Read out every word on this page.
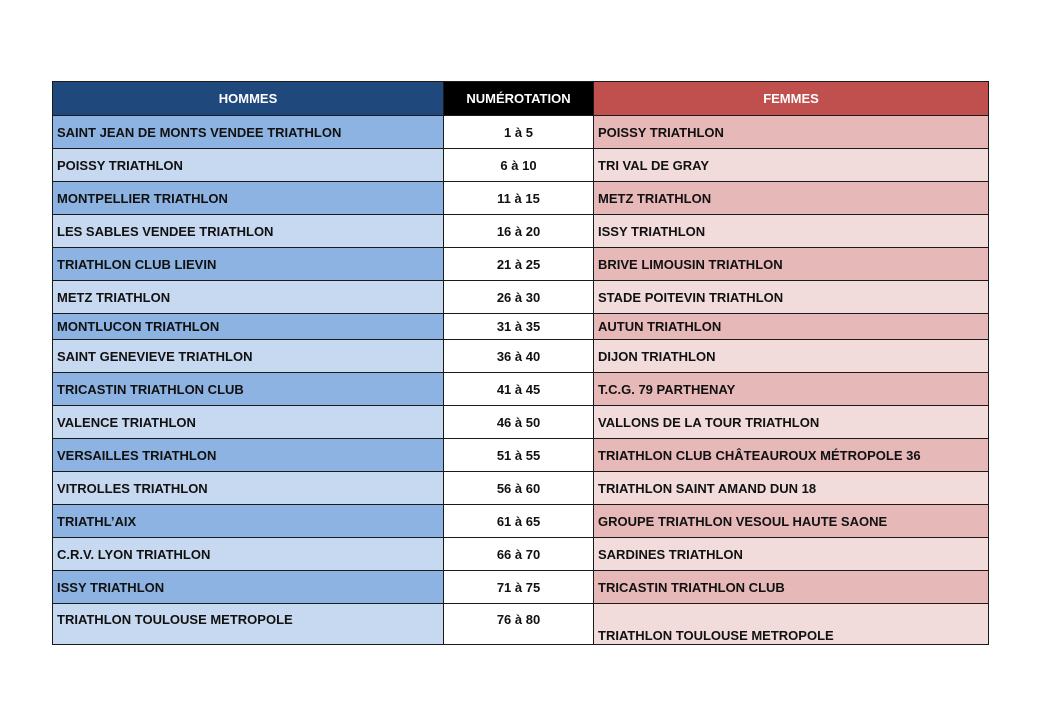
HOMMES	NUMÉROTATION	FEMMES
SAINT JEAN DE MONTS VENDEE TRIATHLON	1 à 5	POISSY TRIATHLON
POISSY TRIATHLON	6 à 10	TRI VAL DE GRAY
MONTPELLIER TRIATHLON	11 à 15	METZ TRIATHLON
LES SABLES VENDEE TRIATHLON	16 à 20	ISSY TRIATHLON
TRIATHLON CLUB LIEVIN	21 à 25	BRIVE LIMOUSIN TRIATHLON
METZ TRIATHLON	26 à 30	STADE POITEVIN TRIATHLON
MONTLUCON TRIATHLON	31 à 35	AUTUN TRIATHLON
SAINT GENEVIEVE TRIATHLON	36 à 40	DIJON TRIATHLON
TRICASTIN TRIATHLON CLUB	41 à 45	T.C.G. 79 PARTHENAY
VALENCE TRIATHLON	46 à 50	VALLONS DE LA TOUR TRIATHLON
VERSAILLES TRIATHLON	51 à 55	TRIATHLON CLUB CHÂTEAUROUX MÉTROPOLE 36
VITROLLES TRIATHLON	56 à 60	TRIATHLON SAINT AMAND DUN 18
TRIATHL’AIX	61 à 65	GROUPE TRIATHLON VESOUL HAUTE SAONE
C.R.V. LYON TRIATHLON	66 à 70	SARDINES TRIATHLON
ISSY TRIATHLON	71 à 75	TRICASTIN TRIATHLON CLUB
TRIATHLON TOULOUSE METROPOLE	76 à 80	TRIATHLON TOULOUSE METROPOLE
